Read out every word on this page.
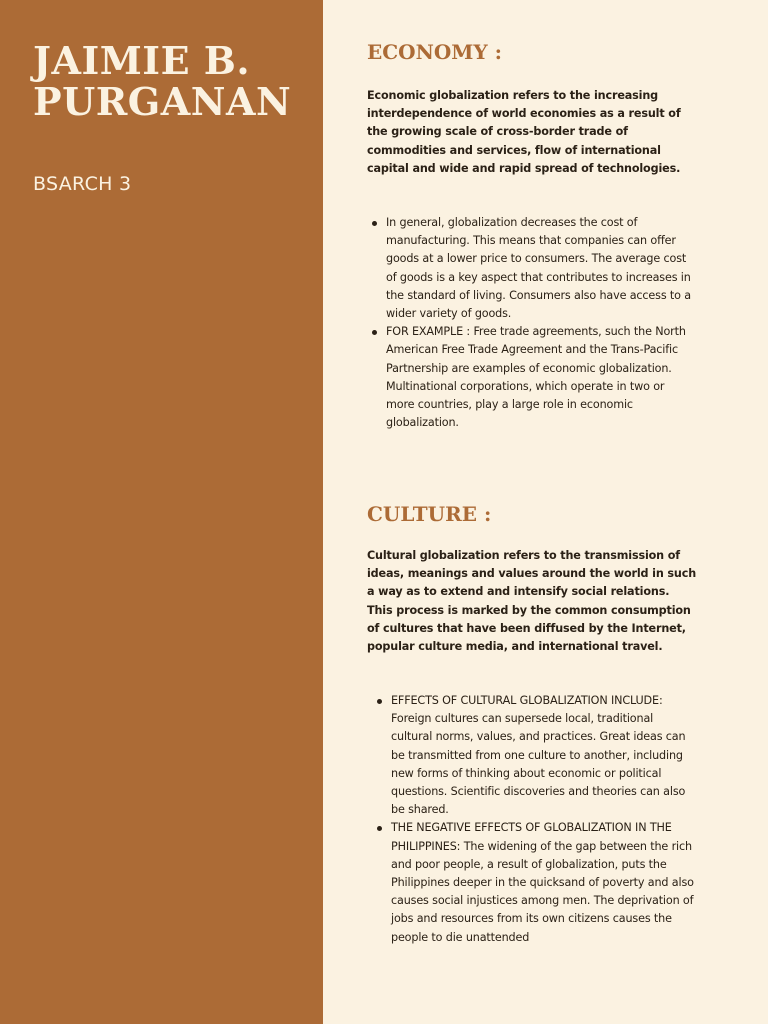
JAIMIE B.
PURGANAN

BSARCH 3

ECONOMY :

Economic globalization refers to the increasing interdependence of world economies as a result of the growing scale of cross-border trade of commodities and services, flow of international capital and wide and rapid spread of technologies.

In general, globalization decreases the cost of manufacturing. This means that companies can offer goods at a lower price to consumers. The average cost of goods is a key aspect that contributes to increases in the standard of living. Consumers also have access to a wider variety of goods.
FOR EXAMPLE : Free trade agreements, such the North American Free Trade Agreement and the Trans-Pacific Partnership are examples of economic globalization. Multinational corporations, which operate in two or more countries, play a large role in economic globalization.
CULTURE :

Cultural globalization refers to the transmission of ideas, meanings and values around the world in such a way as to extend and intensify social relations. This process is marked by the common consumption of cultures that have been diffused by the Internet, popular culture media, and international travel.

EFFECTS OF CULTURAL GLOBALIZATION INCLUDE: Foreign cultures can supersede local, traditional cultural norms, values, and practices. Great ideas can be transmitted from one culture to another, including new forms of thinking about economic or political questions. Scientific discoveries and theories can also be shared.
THE NEGATIVE EFFECTS OF GLOBALIZATION IN THE PHILIPPINES: The widening of the gap between the rich and poor people, a result of globalization, puts the Philippines deeper in the quicksand of poverty and also causes social injustices among men. The deprivation of jobs and resources from its own citizens causes the people to die unattended
